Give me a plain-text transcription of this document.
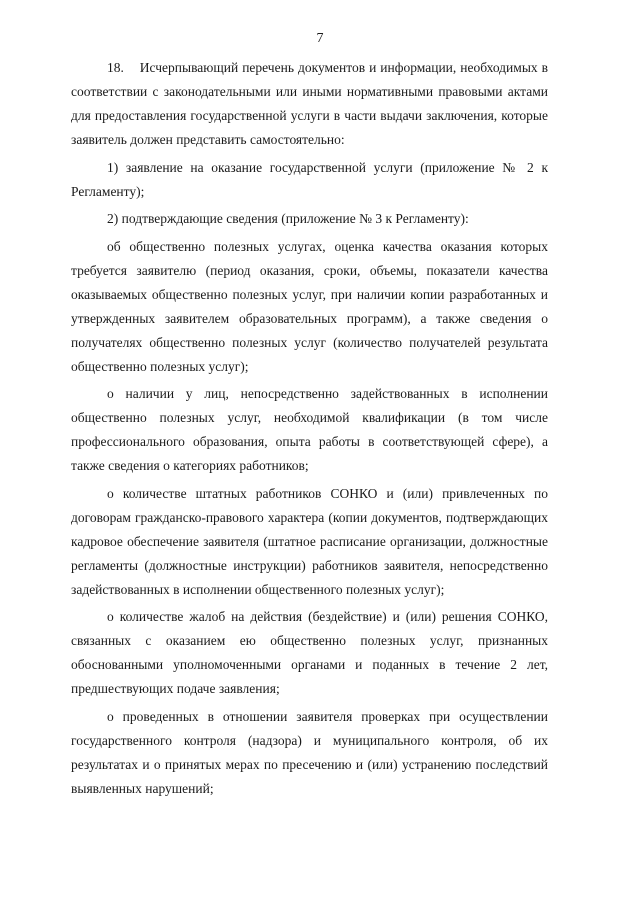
7

18.    Исчерпывающий перечень документов и информации, необходимых в соответствии с законодательными или иными нормативными правовыми актами для предоставления государственной услуги в части выдачи заключения, которые заявитель должен представить самостоятельно:

1) заявление на оказание государственной услуги (приложение № 2 к Регламенту);

2) подтверждающие сведения (приложение № 3 к Регламенту):

об общественно полезных услугах, оценка качества оказания которых требуется заявителю (период оказания, сроки, объемы, показатели качества оказываемых общественно полезных услуг, при наличии копии разработанных и утвержденных заявителем образовательных программ), а также сведения о получателях общественно полезных услуг (количество получателей результата общественно полезных услуг);

о наличии у лиц, непосредственно задействованных в исполнении общественно полезных услуг, необходимой квалификации (в том числе профессионального образования, опыта работы в соответствующей сфере), а также сведения о категориях работников;

о количестве штатных работников СОНКО и (или) привлеченных по договорам гражданско-правового характера (копии документов, подтверждающих кадровое обеспечение заявителя (штатное расписание организации, должностные регламенты (должностные инструкции) работников заявителя, непосредственно задействованных в исполнении общественного полезных услуг);

о количестве жалоб на действия (бездействие) и (или) решения СОНКО, связанных с оказанием ею общественно полезных услуг, признанных обоснованными уполномоченными органами и поданных в течение 2 лет, предшествующих подаче заявления;

о проведенных в отношении заявителя проверках при осуществлении государственного контроля (надзора) и муниципального контроля, об их результатах и о принятых мерах по пресечению и (или) устранению последствий выявленных нарушений;
